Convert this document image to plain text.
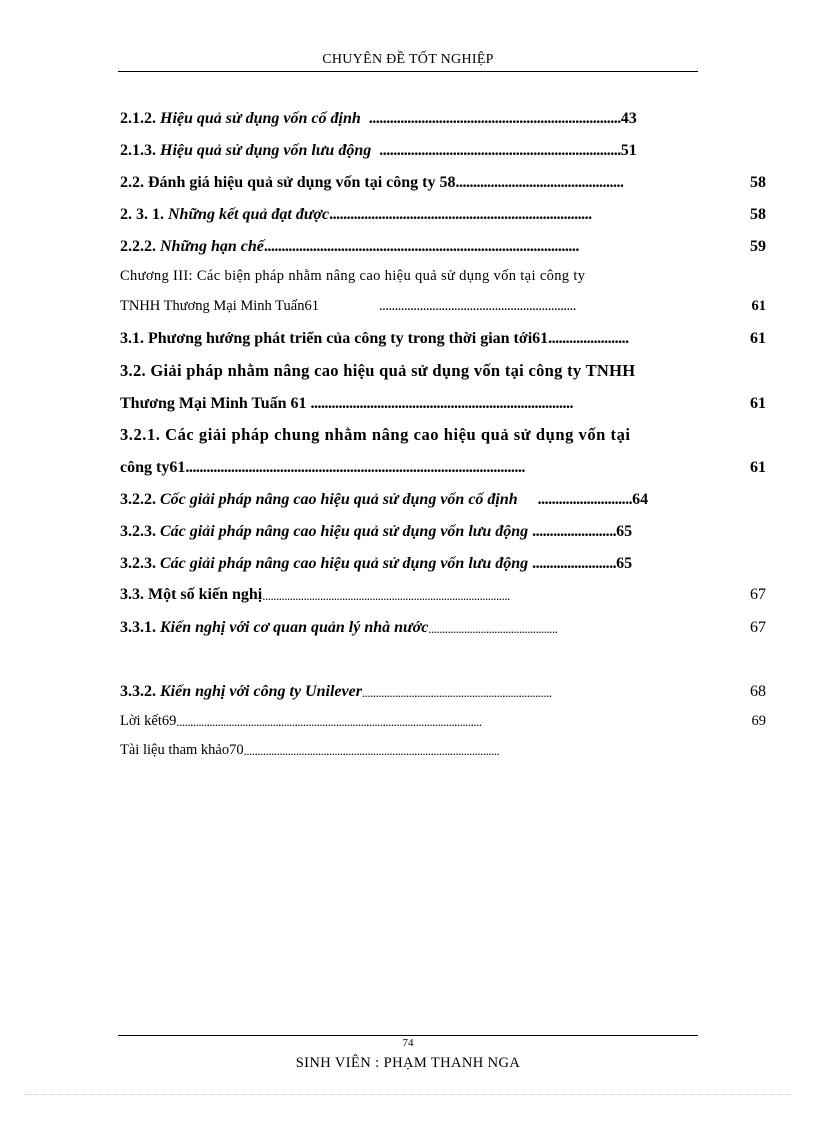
CHUYÊN ĐỀ TỐT NGHIỆP
2.1.2. Hiệu quả sử dụng vốn cố định ........................................................................ 43
2.1.3. Hiệu quả sử dụng vốn lưu động ..................................................................... 51
2.2. Đánh giá hiệu quả sử dụng vốn tại công ty 58 ................................................	58
2. 3. 1. Những kết quả đạt được ...........................................................................	58
2.2.2. Những hạn chế ..........................................................................................	59
Chương III: Các biện pháp nhằm nâng cao hiệu quả sử dụng vốn tại công ty
TNHH Thương Mại Minh Tuấn61	...............................................................	61
3.1. Phương hướng phát triển của công ty trong thời gian tới61 .......................	61
3.2. Giải pháp nhằm nâng cao hiệu quả sử dụng vốn tại công ty TNHH
Thương Mại Minh Tuấn 61 ...........................................................................	61
3.2.1. Các giải pháp chung nhằm nâng cao hiệu quả sử dụng vốn tại
công ty61 .................................................................................................	61
3.2.2. Cốc giải pháp nâng cao hiệu quả sử dụng vốn cố định	........................... 64
3.2.3. Các giải pháp nâng cao hiệu quả sử dụng vốn lưu động ........................ 65
3.2.3. Các giải pháp nâng cao hiệu quả sử dụng vốn lưu động ........................ 65
3.3. Một số kiến nghị ..........................................................................................	67
3.3.1. Kiến nghị với cơ quan quản lý nhà nước ...............................................	67
3.3.2. Kiến nghị với công ty Unilever .....................................................................	68
Lời kết69 ...............................................................................................................	69
Tài liệu tham khảo70 .............................................................................................
74
SINH VIÊN : PHẠM THANH NGA
